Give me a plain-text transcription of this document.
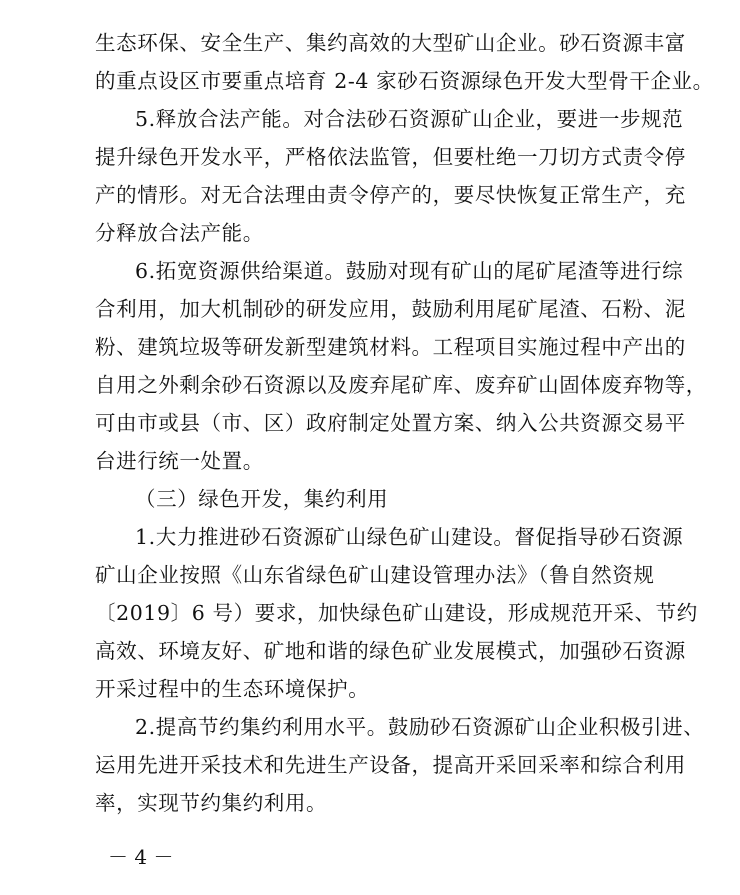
生态环保、安全生产、集约高效的大型矿山企业。砂石资源丰富
的重点设区市要重点培育 2-4 家砂石资源绿色开发大型骨干企业。
5.释放合法产能。对合法砂石资源矿山企业，要进一步规范
提升绿色开发水平，严格依法监管，但要杜绝一刀切方式责令停
产的情形。对无合法理由责令停产的，要尽快恢复正常生产，充
分释放合法产能。
6.拓宽资源供给渠道。鼓励对现有矿山的尾矿尾渣等进行综
合利用，加大机制砂的研发应用，鼓励利用尾矿尾渣、石粉、泥
粉、建筑垃圾等研发新型建筑材料。工程项目实施过程中产出的
自用之外剩余砂石资源以及废弃尾矿库、废弃矿山固体废弃物等，
可由市或县（市、区）政府制定处置方案、纳入公共资源交易平
台进行统一处置。
（三）绿色开发，集约利用
1.大力推进砂石资源矿山绿色矿山建设。督促指导砂石资源
矿山企业按照《山东省绿色矿山建设管理办法》（鲁自然资规
〔2019〕6 号）要求，加快绿色矿山建设，形成规范开采、节约
高效、环境友好、矿地和谐的绿色矿业发展模式，加强砂石资源
开采过程中的生态环境保护。
2.提高节约集约利用水平。鼓励砂石资源矿山企业积极引进、
运用先进开采技术和先进生产设备，提高开采回采率和综合利用
率，实现节约集约利用。
－ 4 －
